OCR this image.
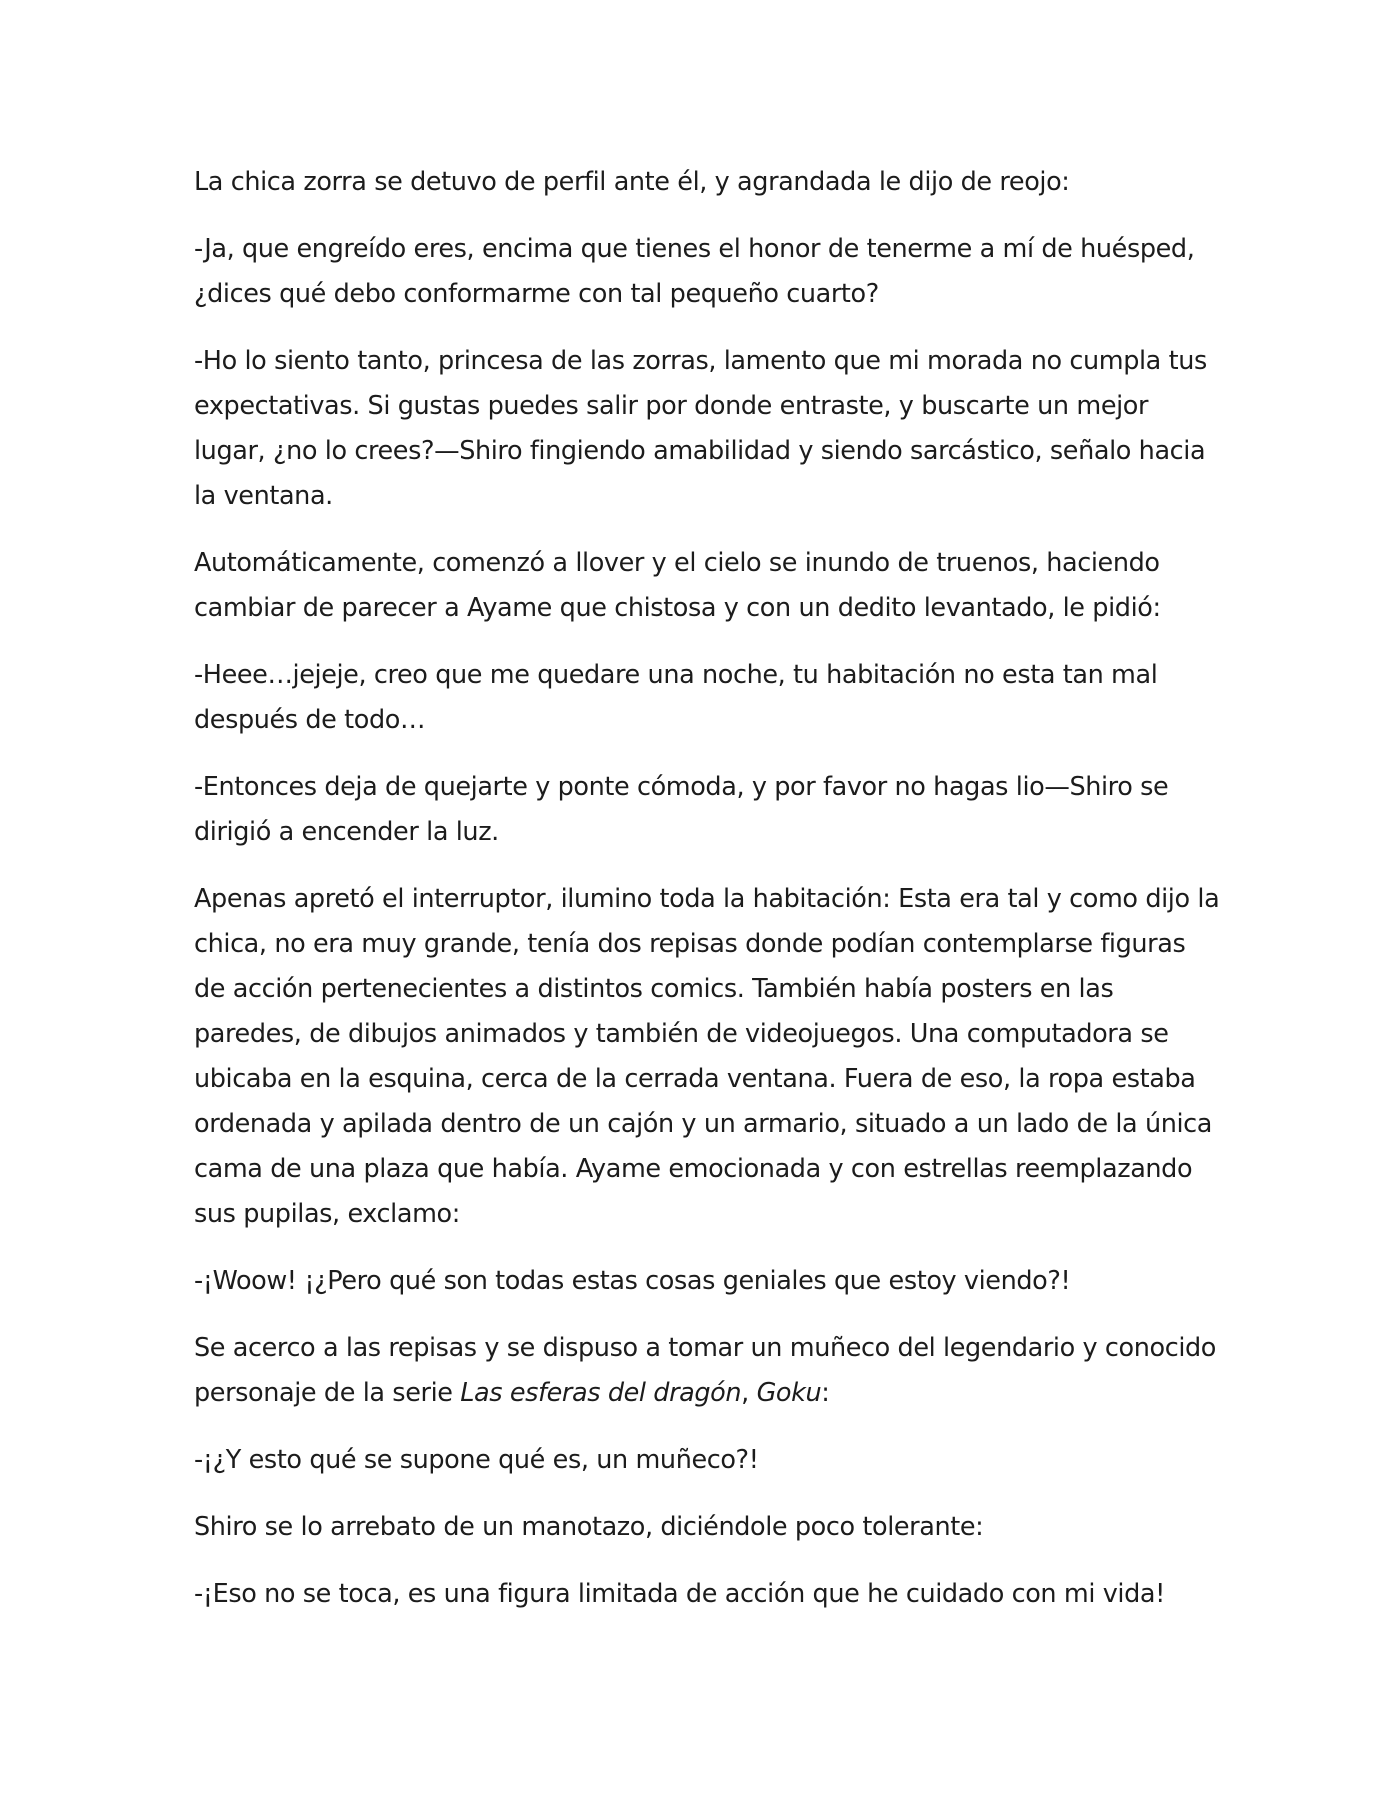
La chica zorra se detuvo de perfil ante él, y agrandada le dijo de reojo:

-Ja, que engreído eres, encima que tienes el honor de tenerme a mí de huésped, ¿dices qué debo conformarme con tal pequeño cuarto?

-Ho lo siento tanto, princesa de las zorras, lamento que mi morada no cumpla tus expectativas. Si gustas puedes salir por donde entraste, y buscarte un mejor lugar, ¿no lo crees?—Shiro fingiendo amabilidad y siendo sarcástico, señalo hacia la ventana.

Automáticamente, comenzó a llover y el cielo se inundo de truenos, haciendo cambiar de parecer a Ayame que chistosa y con un dedito levantado, le pidió:

-Heee…jejeje, creo que me quedare una noche, tu habitación no esta tan mal después de todo…

-Entonces deja de quejarte y ponte cómoda, y por favor no hagas lio—Shiro se dirigió a encender la luz.

Apenas apretó el interruptor, ilumino toda la habitación: Esta era tal y como dijo la chica, no era muy grande, tenía dos repisas donde podían contemplarse figuras de acción pertenecientes a distintos comics. También había posters en las paredes, de dibujos animados y también de videojuegos. Una computadora se ubicaba en la esquina, cerca de la cerrada ventana. Fuera de eso, la ropa estaba ordenada y apilada dentro de un cajón y un armario, situado a un lado de la única cama de una plaza que había. Ayame emocionada y con estrellas reemplazando sus pupilas, exclamo:

-¡Woow! ¡¿Pero qué son todas estas cosas geniales que estoy viendo?!

Se acerco a las repisas y se dispuso a tomar un muñeco del legendario y conocido personaje de la serie Las esferas del dragón, Goku:

-¡¿Y esto qué se supone qué es, un muñeco?!

Shiro se lo arrebato de un manotazo, diciéndole poco tolerante:

-¡Eso no se toca, es una figura limitada de acción que he cuidado con mi vida!
